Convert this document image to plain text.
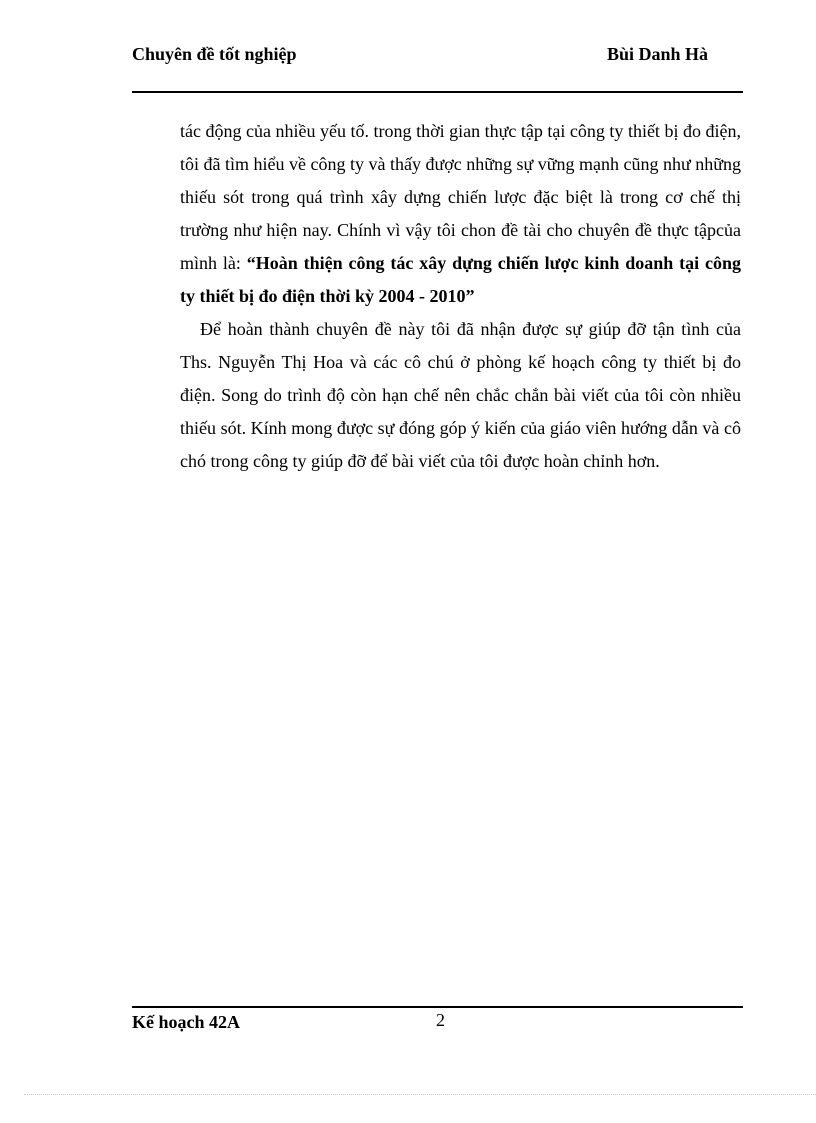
Chuyên đề tốt nghiệp	Bùi Danh Hà

tác động của nhiều yếu tố. trong thời gian thực tập tại công ty thiết bị đo điện, tôi đã tìm hiểu về công ty và thấy được những sự vững mạnh cũng như những thiếu sót trong quá trình xây dựng chiến lược đặc biệt là trong cơ chế thị trường như hiện nay. Chính vì vậy tôi chon đề tài cho chuyên đề thực tậpcủa mình là: “Hoàn thiện công tác xây dựng chiến lược kinh doanh tại công ty thiết bị đo điện thời kỳ 2004 - 2010”

Để hoàn thành chuyên đề này tôi đã nhận được sự giúp đỡ tận tình của Ths. Nguyễn Thị Hoa và các cô chú ở phòng kế hoạch công ty thiết bị đo điện. Song do trình độ còn hạn chế nên chắc chắn bài viết của tôi còn nhiều thiếu sót. Kính mong được sự đóng góp ý kiến của giáo viên hướng dẫn và cô chó trong công ty giúp đỡ để bài viết của tôi được hoàn chỉnh hơn.

Kế hoạch 42A	2
